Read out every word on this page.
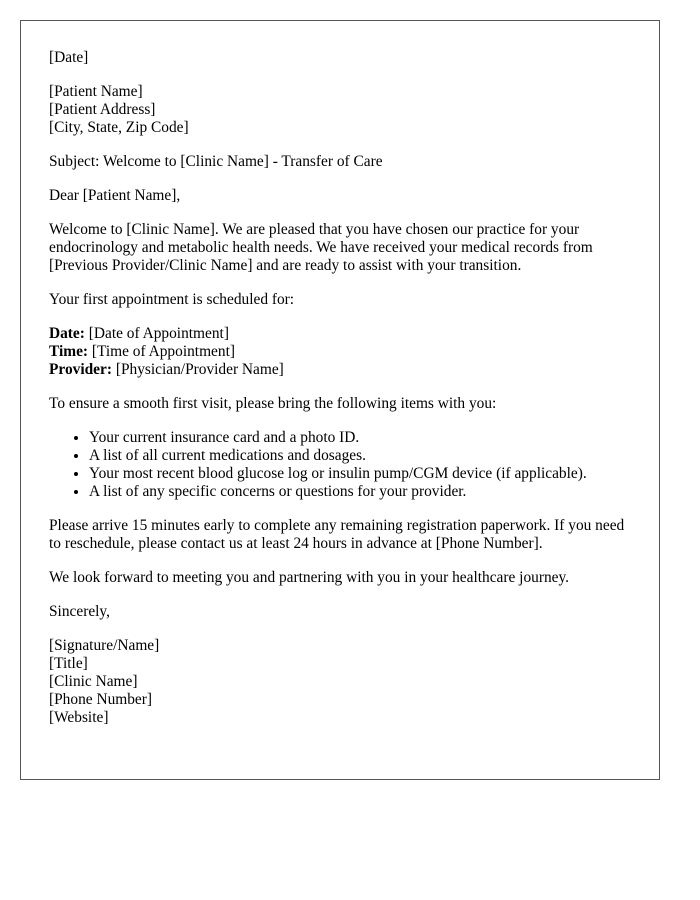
[Date]

[Patient Name]
[Patient Address]
[City, State, Zip Code]

Subject: Welcome to [Clinic Name] - Transfer of Care

Dear [Patient Name],

Welcome to [Clinic Name]. We are pleased that you have chosen our practice for your endocrinology and metabolic health needs. We have received your medical records from [Previous Provider/Clinic Name] and are ready to assist with your transition.

Your first appointment is scheduled for:

Date: [Date of Appointment]
Time: [Time of Appointment]
Provider: [Physician/Provider Name]

To ensure a smooth first visit, please bring the following items with you:

• Your current insurance card and a photo ID.
• A list of all current medications and dosages.
• Your most recent blood glucose log or insulin pump/CGM device (if applicable).
• A list of any specific concerns or questions for your provider.

Please arrive 15 minutes early to complete any remaining registration paperwork. If you need to reschedule, please contact us at least 24 hours in advance at [Phone Number].

We look forward to meeting you and partnering with you in your healthcare journey.

Sincerely,

[Signature/Name]
[Title]
[Clinic Name]
[Phone Number]
[Website]
